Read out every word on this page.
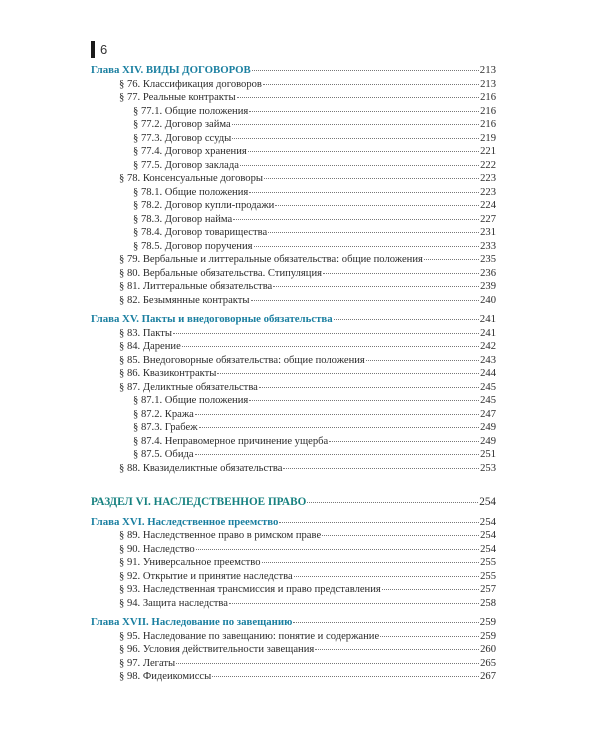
6
Глава XIV. ВИДЫ ДОГОВОРОВ	213
§ 76. Классификация договоров	213
§ 77. Реальные контракты	216
§ 77.1. Общие положения	216
§ 77.2. Договор займа	216
§ 77.3. Договор ссуды	219
§ 77.4. Договор хранения	221
§ 77.5. Договор заклада	222
§ 78. Консенсуальные договоры	223
§ 78.1. Общие положения	223
§ 78.2. Договор купли-продажи	224
§ 78.3. Договор найма	227
§ 78.4. Договор товарищества	231
§ 78.5. Договор поручения	233
§ 79. Вербальные и литтеральные обязательства: общие положения	235
§ 80. Вербальные обязательства. Стипуляция	236
§ 81. Литтеральные обязательства	239
§ 82. Безымянные контракты	240
Глава XV. Пакты и внедоговорные обязательства	241
§ 83. Пакты	241
§ 84. Дарение	242
§ 85. Внедоговорные обязательства: общие положения	243
§ 86. Квазиконтракты	244
§ 87. Деликтные обязательства	245
§ 87.1. Общие положения	245
§ 87.2. Кража	247
§ 87.3. Грабеж	249
§ 87.4. Неправомерное причинение ущерба	249
§ 87.5. Обида	251
§ 88. Квазиделиктные обязательства	253
РАЗДЕЛ VI. НАСЛЕДСТВЕННОЕ ПРАВО	254
Глава XVI. Наследственное преемство	254
§ 89. Наследственное право в римском праве	254
§ 90. Наследство	254
§ 91. Универсальное преемство	255
§ 92. Открытие и принятие наследства	255
§ 93. Наследственная трансмиссия и право представления	257
§ 94. Защита наследства	258
Глава XVII. Наследование по завещанию	259
§ 95. Наследование по завещанию: понятие и содержание	259
§ 96. Условия действительности завещания	260
§ 97. Легаты	265
§ 98. Фидеикомиссы	267
